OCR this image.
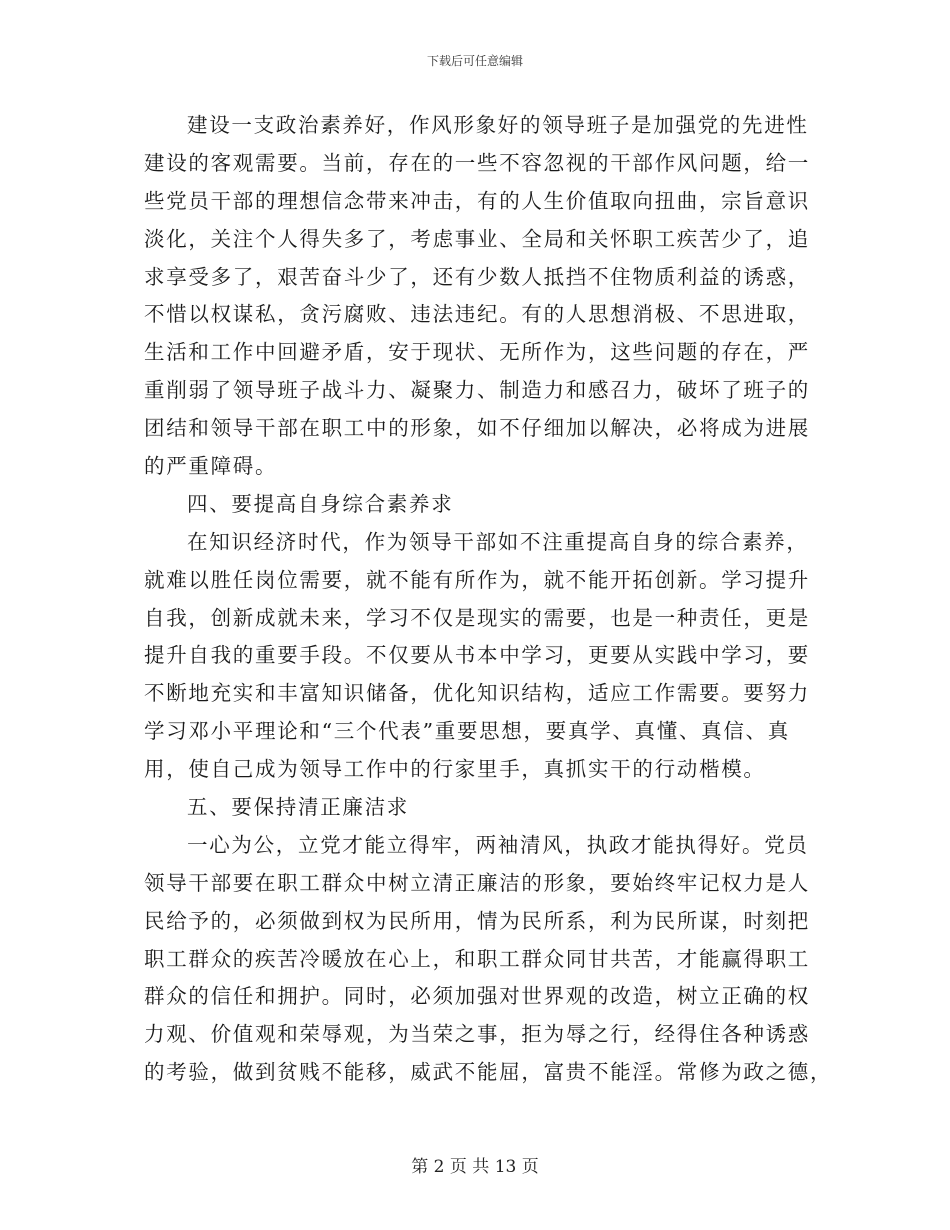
下载后可任意编辑
建设一支政治素养好，作风形象好的领导班子是加强党的先进性
建设的客观需要。当前，存在的一些不容忽视的干部作风问题，给一
些党员干部的理想信念带来冲击，有的人生价值取向扭曲，宗旨意识
淡化，关注个人得失多了，考虑事业、全局和关怀职工疾苦少了，追
求享受多了，艰苦奋斗少了，还有少数人抵挡不住物质利益的诱惑，
不惜以权谋私，贪污腐败、违法违纪。有的人思想消极、不思进取，
生活和工作中回避矛盾，安于现状、无所作为，这些问题的存在，严
重削弱了领导班子战斗力、凝聚力、制造力和感召力，破坏了班子的
团结和领导干部在职工中的形象，如不仔细加以解决，必将成为进展
的严重障碍。
四、要提高自身综合素养求
在知识经济时代，作为领导干部如不注重提高自身的综合素养，
就难以胜任岗位需要，就不能有所作为，就不能开拓创新。学习提升
自我，创新成就未来，学习不仅是现实的需要，也是一种责任，更是
提升自我的重要手段。不仅要从书本中学习，更要从实践中学习，要
不断地充实和丰富知识储备，优化知识结构，适应工作需要。要努力
学习邓小平理论和“三个代表”重要思想，要真学、真懂、真信、真
用，使自己成为领导工作中的行家里手，真抓实干的行动楷模。
五、要保持清正廉洁求
一心为公，立党才能立得牢，两袖清风，执政才能执得好。党员
领导干部要在职工群众中树立清正廉洁的形象，要始终牢记权力是人
民给予的，必须做到权为民所用，情为民所系，利为民所谋，时刻把
职工群众的疾苦冷暖放在心上，和职工群众同甘共苦，才能赢得职工
群众的信任和拥护。同时，必须加强对世界观的改造，树立正确的权
力观、价值观和荣辱观，为当荣之事，拒为辱之行，经得住各种诱惑
的考验，做到贫贱不能移，威武不能屈，富贵不能淫。常修为政之德，
第 2 页 共 13 页
